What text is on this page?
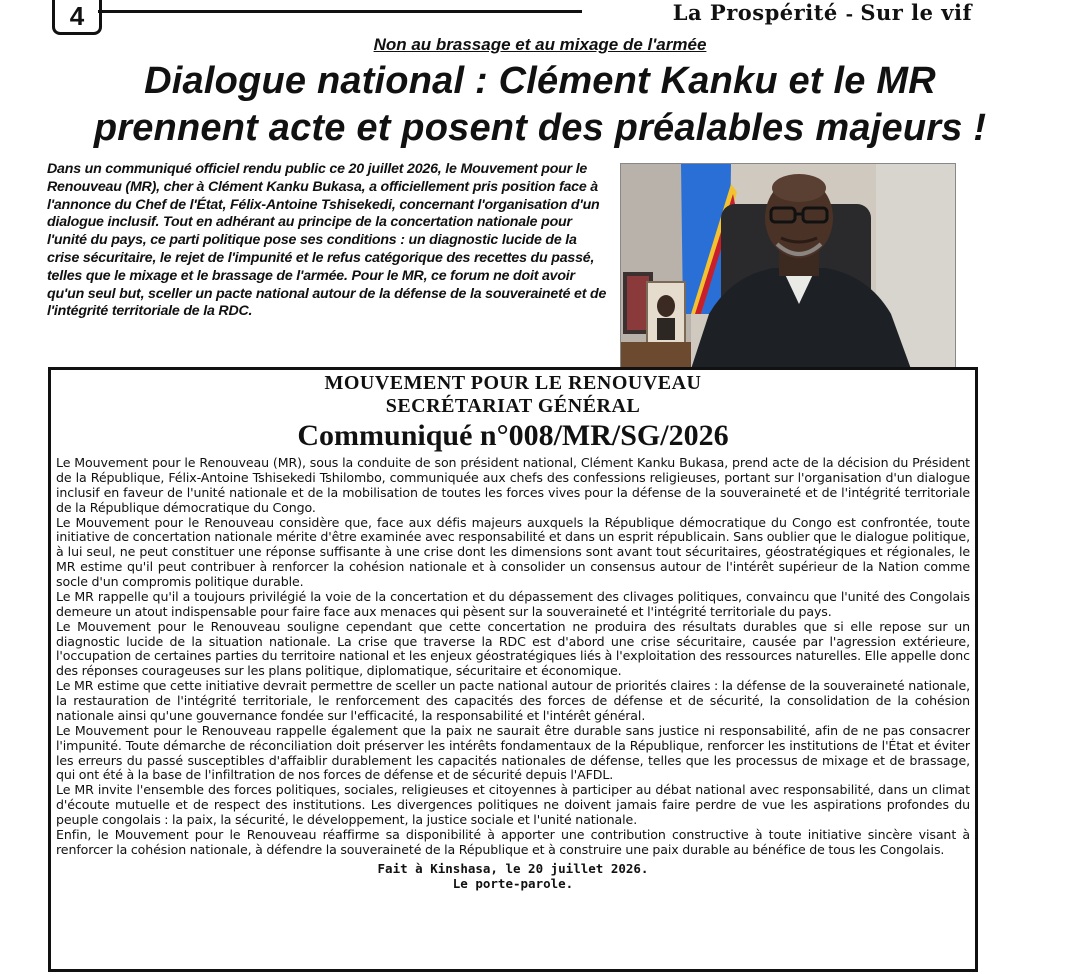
4	La Prospérité - Sur le vif
Non au brassage et au mixage de l'armée
Dialogue national : Clément Kanku et le MR
prennent acte et posent des préalables majeurs !
Dans un communiqué officiel rendu public ce 20 juillet 2026, le Mouvement pour le Renouveau (MR), cher à Clément Kanku Bukasa, a officiellement pris position face à l'annonce du Chef de l'État, Félix-Antoine Tshisekedi, concernant l'organisation d'un dialogue inclusif. Tout en adhérant au principe de la concertation nationale pour l'unité du pays, ce parti politique pose ses conditions : un diagnostic lucide de la crise sécuritaire, le rejet de l'impunité et le refus catégorique des recettes du passé, telles que le mixage et le brassage de l'armée. Pour le MR, ce forum ne doit avoir qu'un seul but, sceller un pacte national autour de la défense de la souveraineté et de l'intégrité territoriale de la RDC.
MOUVEMENT POUR LE RENOUVEAU
SECRÉTARIAT GÉNÉRAL
Communiqué n°008/MR/SG/2026

Le Mouvement pour le Renouveau (MR), sous la conduite de son président national, Clément Kanku Bukasa, prend acte de la décision du Président de la République, Félix-Antoine Tshisekedi Tshilombo, communiquée aux chefs des confessions religieuses, portant sur l'organisation d'un dialogue inclusif en faveur de l'unité nationale et de la mobilisation de toutes les forces vives pour la défense de la souveraineté et de l'intégrité territoriale de la République démocratique du Congo.

Le Mouvement pour le Renouveau considère que, face aux défis majeurs auxquels la République démocratique du Congo est confrontée, toute initiative de concertation nationale mérite d'être examinée avec responsabilité et dans un esprit républicain. Sans oublier que le dialogue politique, à lui seul, ne peut constituer une réponse suffisante à une crise dont les dimensions sont avant tout sécuritaires, géostratégiques et régionales, le MR estime qu'il peut contribuer à renforcer la cohésion nationale et à consolider un consensus autour de l'intérêt supérieur de la Nation comme socle d'un compromis politique durable.

Le MR rappelle qu'il a toujours privilégié la voie de la concertation et du dépassement des clivages politiques, convaincu que l'unité des Congolais demeure un atout indispensable pour faire face aux menaces qui pèsent sur la souveraineté et l'intégrité territoriale du pays.

Le Mouvement pour le Renouveau souligne cependant que cette concertation ne produira des résultats durables que si elle repose sur un diagnostic lucide de la situation nationale. La crise que traverse la RDC est d'abord une crise sécuritaire, causée par l'agression extérieure, l'occupation de certaines parties du territoire national et les enjeux géostratégiques liés à l'exploitation des ressources naturelles. Elle appelle donc des réponses courageuses sur les plans politique, diplomatique, sécuritaire et économique.

Le MR estime que cette initiative devrait permettre de sceller un pacte national autour de priorités claires : la défense de la souveraineté nationale, la restauration de l'intégrité territoriale, le renforcement des capacités des forces de défense et de sécurité, la consolidation de la cohésion nationale ainsi qu'une gouvernance fondée sur l'efficacité, la responsabilité et l'intérêt général.

Le Mouvement pour le Renouveau rappelle également que la paix ne saurait être durable sans justice ni responsabilité, afin de ne pas consacrer l'impunité. Toute démarche de réconciliation doit préserver les intérêts fondamentaux de la République, renforcer les institutions de l'État et éviter les erreurs du passé susceptibles d'affaiblir durablement les capacités nationales de défense, telles que les processus de mixage et de brassage, qui ont été à la base de l'infiltration de nos forces de défense et de sécurité depuis l'AFDL.

Le MR invite l'ensemble des forces politiques, sociales, religieuses et citoyennes à participer au débat national avec responsabilité, dans un climat d'écoute mutuelle et de respect des institutions. Les divergences politiques ne doivent jamais faire perdre de vue les aspirations profondes du peuple congolais : la paix, la sécurité, le développement, la justice sociale et l'unité nationale.

Enfin, le Mouvement pour le Renouveau réaffirme sa disponibilité à apporter une contribution constructive à toute initiative sincère visant à renforcer la cohésion nationale, à défendre la souveraineté de la République et à construire une paix durable au bénéfice de tous les Congolais.

Fait à Kinshasa, le 20 juillet 2026.
Le porte-parole.
